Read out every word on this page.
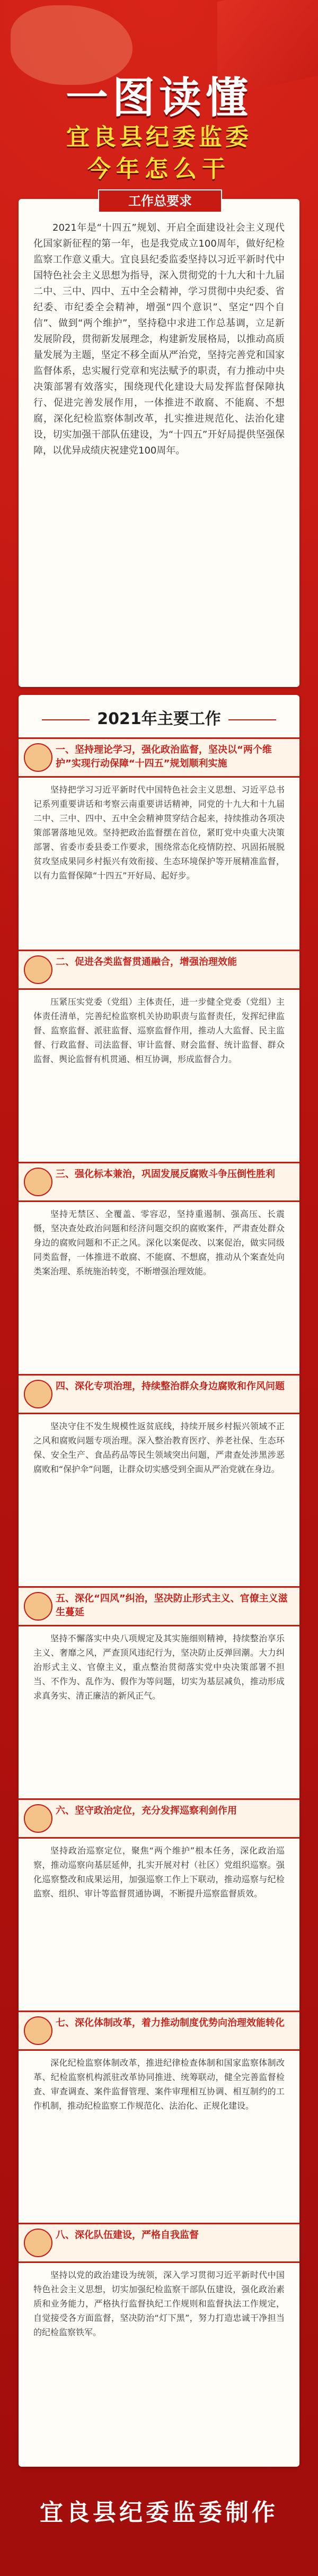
一图读懂
宜良县纪委监委
今年怎么干
工作总要求
2021年是“十四五”规划、开启全面建设社会主义现代化国家新征程的第一年，也是我党成立100周年，做好纪检监察工作意义重大。宜良县纪委监委坚持以习近平新时代中国特色社会主义思想为指导，深入贯彻党的十九大和十九届二中、三中、四中、五中全会精神，学习贯彻中央纪委、省纪委、市纪委全会精神，增强“四个意识”、坚定“四个自信”、做到“两个维护”，坚持稳中求进工作总基调，立足新发展阶段，贯彻新发展理念，构建新发展格局，以推动高质量发展为主题，坚定不移全面从严治党，坚持完善党和国家监督体系，忠实履行党章和宪法赋予的职责，有力推动中央决策部署有效落实，围绕现代化建设大局发挥监督保障执行、促进完善发展作用，一体推进不敢腐、不能腐、不想腐，深化纪检监察体制改革，扎实推进规范化、法治化建设，切实加强干部队伍建设，为“十四五”开好局提供坚强保障，以优异成绩庆祝建党100周年。
2021年主要工作
一、坚持理论学习，强化政治监督，坚决以“两个维护”实现行动保障“十四五”规划顺利实施
坚持把学习习近平新时代中国特色社会主义思想、习近平总书记系列重要讲话和考察云南重要讲话精神，同党的十九大和十九届二中、三中、四中、五中全会精神贯穿结合起来，持续推动各项决策部署落地见效。坚持把政治监督摆在首位，紧盯党中央重大决策部署、省委市委县委工作要求，围绕常态化疫情防控、巩固拓展脱贫攻坚成果同乡村振兴有效衔接、生态环境保护等开展精准监督，以有力监督保障“十四五”开好局、起好步。
二、促进各类监督贯通融合，增强治理效能
压紧压实党委（党组）主体责任，进一步健全党委（党组）主体责任清单，完善纪检监察机关协助职责与监督责任，发挥纪律监督、监察监督、派驻监督、巡察监督作用，推动人大监督、民主监督、行政监督、司法监督、审计监督、财会监督、统计监督、群众监督、舆论监督有机贯通、相互协调，形成监督合力。
三、强化标本兼治，巩固发展反腐败斗争压倒性胜利
坚持无禁区、全覆盖、零容忍，坚持重遏制、强高压、长震慑，坚决查处政治问题和经济问题交织的腐败案件，严肃查处群众身边的腐败问题和不正之风。深化以案促改、以案促治，做实同级同类监督，一体推进不敢腐、不能腐、不想腐，推动从个案查处向类案治理、系统施治转变，不断增强治理效能。
四、深化专项治理，持续整治群众身边腐败和作风问题
坚决守住不发生规模性返贫底线，持续开展乡村振兴领域不正之风和腐败问题专项治理。深入整治教育医疗、养老社保、生态环保、安全生产、食品药品等民生领域突出问题，严肃查处涉黑涉恶腐败和“保护伞”问题，让群众切实感受到全面从严治党就在身边。
五、深化“四风”纠治，坚决防止形式主义、官僚主义滋生蔓延
坚持不懈落实中央八项规定及其实施细则精神，持续整治享乐主义、奢靡之风，严查顶风违纪行为，坚决防止反弹回潮。大力纠治形式主义、官僚主义，重点整治贯彻落实党中央决策部署不担当、不作为、乱作为、假作为等问题，切实为基层减负，推动形成求真务实、清正廉洁的新风正气。
六、坚守政治定位，充分发挥巡察利剑作用
坚持政治巡察定位，聚焦“两个维护”根本任务，深化政治巡察，推动巡察向基层延伸，扎实开展对村（社区）党组织巡察。强化巡察整改和成果运用，加强巡察工作上下联动，推动巡察与纪检监察、组织、审计等监督贯通协调，不断提升巡察监督质效。
七、深化体制改革，着力推动制度优势向治理效能转化
深化纪检监察体制改革，推进纪律检查体制和国家监察体制改革、纪检监察机构派驻改革协同推进、统筹联动，健全完善监督检查、审查调查、案件监督管理、案件审理相互协调、相互制约的工作机制，推动纪检监察工作规范化、法治化、正规化建设。
八、深化队伍建设，严格自我监督
坚持以党的政治建设为统领，深入学习贯彻习近平新时代中国特色社会主义思想，切实加强纪检监察干部队伍建设，强化政治素质和业务能力，严格执行监督执纪工作规则和监督执法工作规定，自觉接受各方面监督，坚决防治“灯下黑”，努力打造忠诚干净担当的纪检监察铁军。
宜良县纪委监委制作
